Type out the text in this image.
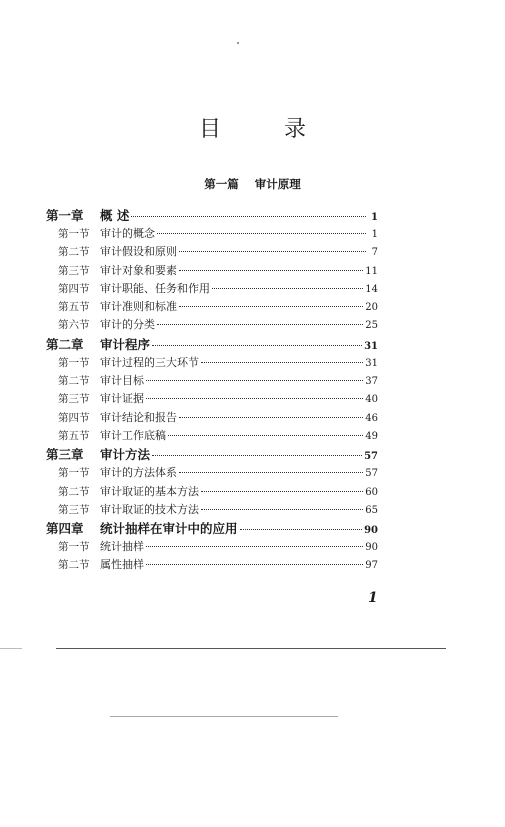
目 录
第一篇 审计原理
第一章	概 述	1
第一节 审计的概念	1
第二节 审计假设和原则	7
第三节 审计对象和要素	11
第四节 审计职能、任务和作用	14
第五节 审计准则和标准	20
第六节 审计的分类	25
第二章	审计程序	31
第一节 审计过程的三大环节	31
第二节 审计目标	37
第三节 审计证据	40
第四节 审计结论和报告	46
第五节 审计工作底稿	49
第三章	审计方法	57
第一节 审计的方法体系	57
第二节 审计取证的基本方法	60
第三节 审计取证的技术方法	65
第四章	统计抽样在审计中的应用	90
第一节 统计抽样	90
第二节 属性抽样	97
1
